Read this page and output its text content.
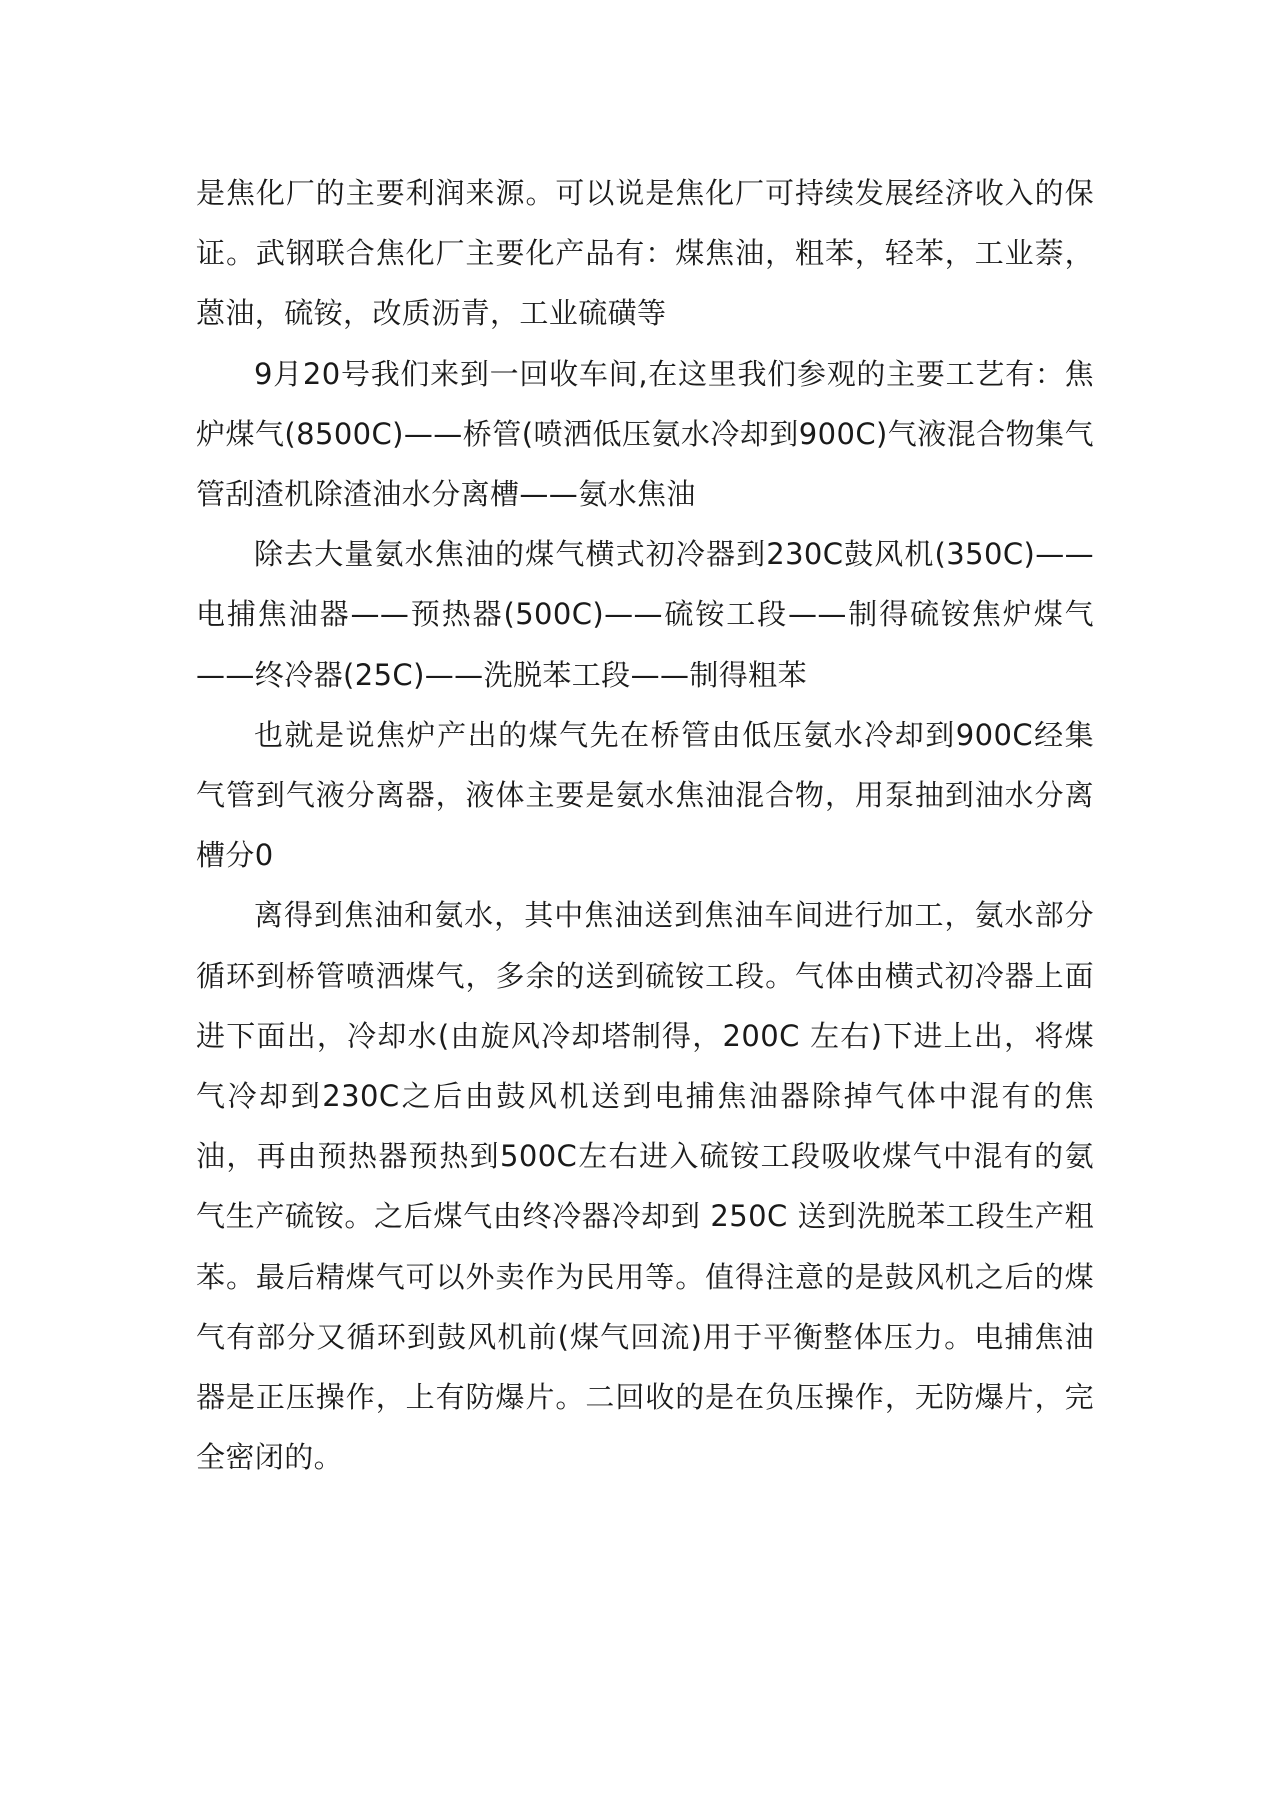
是焦化厂的主要利润来源。可以说是焦化厂可持续发展经济收入的保证。武钢联合焦化厂主要化产品有：煤焦油，粗苯，轻苯，工业萘，蒽油，硫铵，改质沥青，工业硫磺等

9月20号我们来到一回收车间,在这里我们参观的主要工艺有：焦炉煤气(8500C)——桥管(喷洒低压氨水冷却到900C)气液混合物集气管刮渣机除渣油水分离槽——氨水焦油

除去大量氨水焦油的煤气横式初冷器到230C鼓风机(350C)——电捕焦油器——预热器(500C)——硫铵工段——制得硫铵焦炉煤气——终冷器(25C)——洗脱苯工段——制得粗苯

也就是说焦炉产出的煤气先在桥管由低压氨水冷却到900C经集气管到气液分离器，液体主要是氨水焦油混合物，用泵抽到油水分离槽分0

离得到焦油和氨水，其中焦油送到焦油车间进行加工，氨水部分循环到桥管喷洒煤气，多余的送到硫铵工段。气体由横式初冷器上面进下面出，冷却水(由旋风冷却塔制得，200C 左右)下进上出，将煤气冷却到230C之后由鼓风机送到电捕焦油器除掉气体中混有的焦油，再由预热器预热到500C左右进入硫铵工段吸收煤气中混有的氨气生产硫铵。之后煤气由终冷器冷却到 250C 送到洗脱苯工段生产粗苯。最后精煤气可以外卖作为民用等。值得注意的是鼓风机之后的煤气有部分又循环到鼓风机前(煤气回流)用于平衡整体压力。电捕焦油器是正压操作，上有防爆片。二回收的是在负压操作，无防爆片，完全密闭的。
